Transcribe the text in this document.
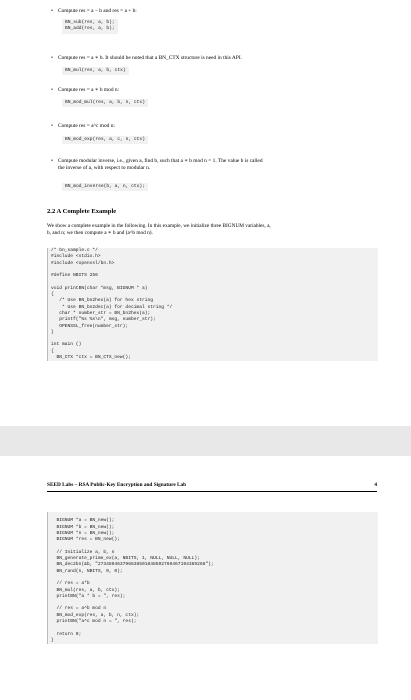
• Compute res = a − b and res = a + b:
BN_sub(res, a, b);
BN_add(res, a, b);
• Compute res = a ∗ b. It should be noted that a BN_CTX structure is need in this API.
BN_mul(res, a, b, ctx)
• Compute res = a ∗ b mod n:
BN_mod_mul(res, a, b, n, ctx)
• Compute res = a^c mod n:
BN_mod_exp(res, a, c, n, ctx)
• Compute modular inverse, i.e., given a, find b, such that a ∗ b mod n = 1. The value b is called
the inverse of a, with respect to modular n.
BN_mod_inverse(b, a, n, ctx);
2.2 A Complete Example
We show a complete example in the following. In this example, we initialize three BIGNUM variables, a,
b, and n; we then compute a ∗ b and (a^b mod n).
/* bn_sample.c */
#include <stdio.h>
#include <openssl/bn.h>
#define NBITS 256
void printBN(char *msg, BIGNUM * a)
{
/* Use BN_bn2hex(a) for hex string
* Use BN_bn2dec(a) for decimal string */
char * number_str = BN_bn2hex(a);
printf("%s %s\n", msg, number_str);
OPENSSL_free(number_str);
}
int main ()
{
BN_CTX *ctx = BN_CTX_new();
SEED Labs – RSA Public-Key Encryption and Signature Lab	4
BIGNUM *a = BN_new();
BIGNUM *b = BN_new();
BIGNUM *n = BN_new();
BIGNUM *res = BN_new();
// Initialize a, b, n
BN_generate_prime_ex(a, NBITS, 1, NULL, NULL, NULL);
BN_dec2bn(&b, "273489463796838501848592769467194369268");
BN_rand(n, NBITS, 0, 0);
// res = a*b
BN_mul(res, a, b, ctx);
printBN("a * b = ", res);
// res = a^b mod n
BN_mod_exp(res, a, b, n, ctx);
printBN("a^c mod n = ", res);
return 0;
}
